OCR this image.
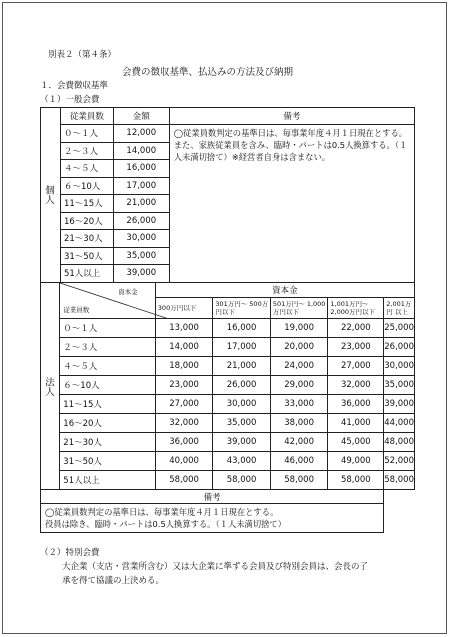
別表２（第４条）
会費の徴収基準、払込みの方法及び納期
１．会費徴収基準
（１）一般会費
個人	従業員数	金額	備考
	０～１人	12,000	◯従業員数判定の基準日は、毎事業年度４月１日現在とする。また、家族従業員を含み、臨時・パートは0.5人換算する。（１人未満切捨て）※経営者自身は含まない。
	２～３人	14,000	
	４～５人	16,000	
	６～10人	17,000	
	11～15人	21,000	
	16～20人	26,000	
	21～30人	30,000	
	31～50人	35,000	
	51人以上	39,000	
法人	資本金
従業員数	資本金				
		300万円以下	301万円～ 500万円以下	501万円～ 1,000万円以下	1,001万円～ 2,000万円以下	2,001万円 以上
	０～１人	13,000	16,000	19,000	22,000	25,000
	２～３人	14,000	17,000	20,000	23,000	26,000
	４～５人	18,000	21,000	24,000	27,000	30,000
	６～10人	23,000	26,000	29,000	32,000	35,000
	11～15人	27,000	30,000	33,000	36,000	39,000
	16～20人	32,000	35,000	38,000	41,000	44,000
	21～30人	36,000	39,000	42,000	45,000	48,000
	31～50人	40,000	43,000	46,000	49,000	52,000
	51人以上	58,000	58,000	58,000	58,000	58,000
備考						

◯従業員数判定の基準日は、毎事業年度４月１日現在とする。
役員は除き、臨時・パートは0.5人換算する。（１人未満切捨て）						
（２）特別会費
大企業（支店・営業所含む）又は大企業に準ずる会員及び特別会員は、会長の了
承を得て協議の上決める。
